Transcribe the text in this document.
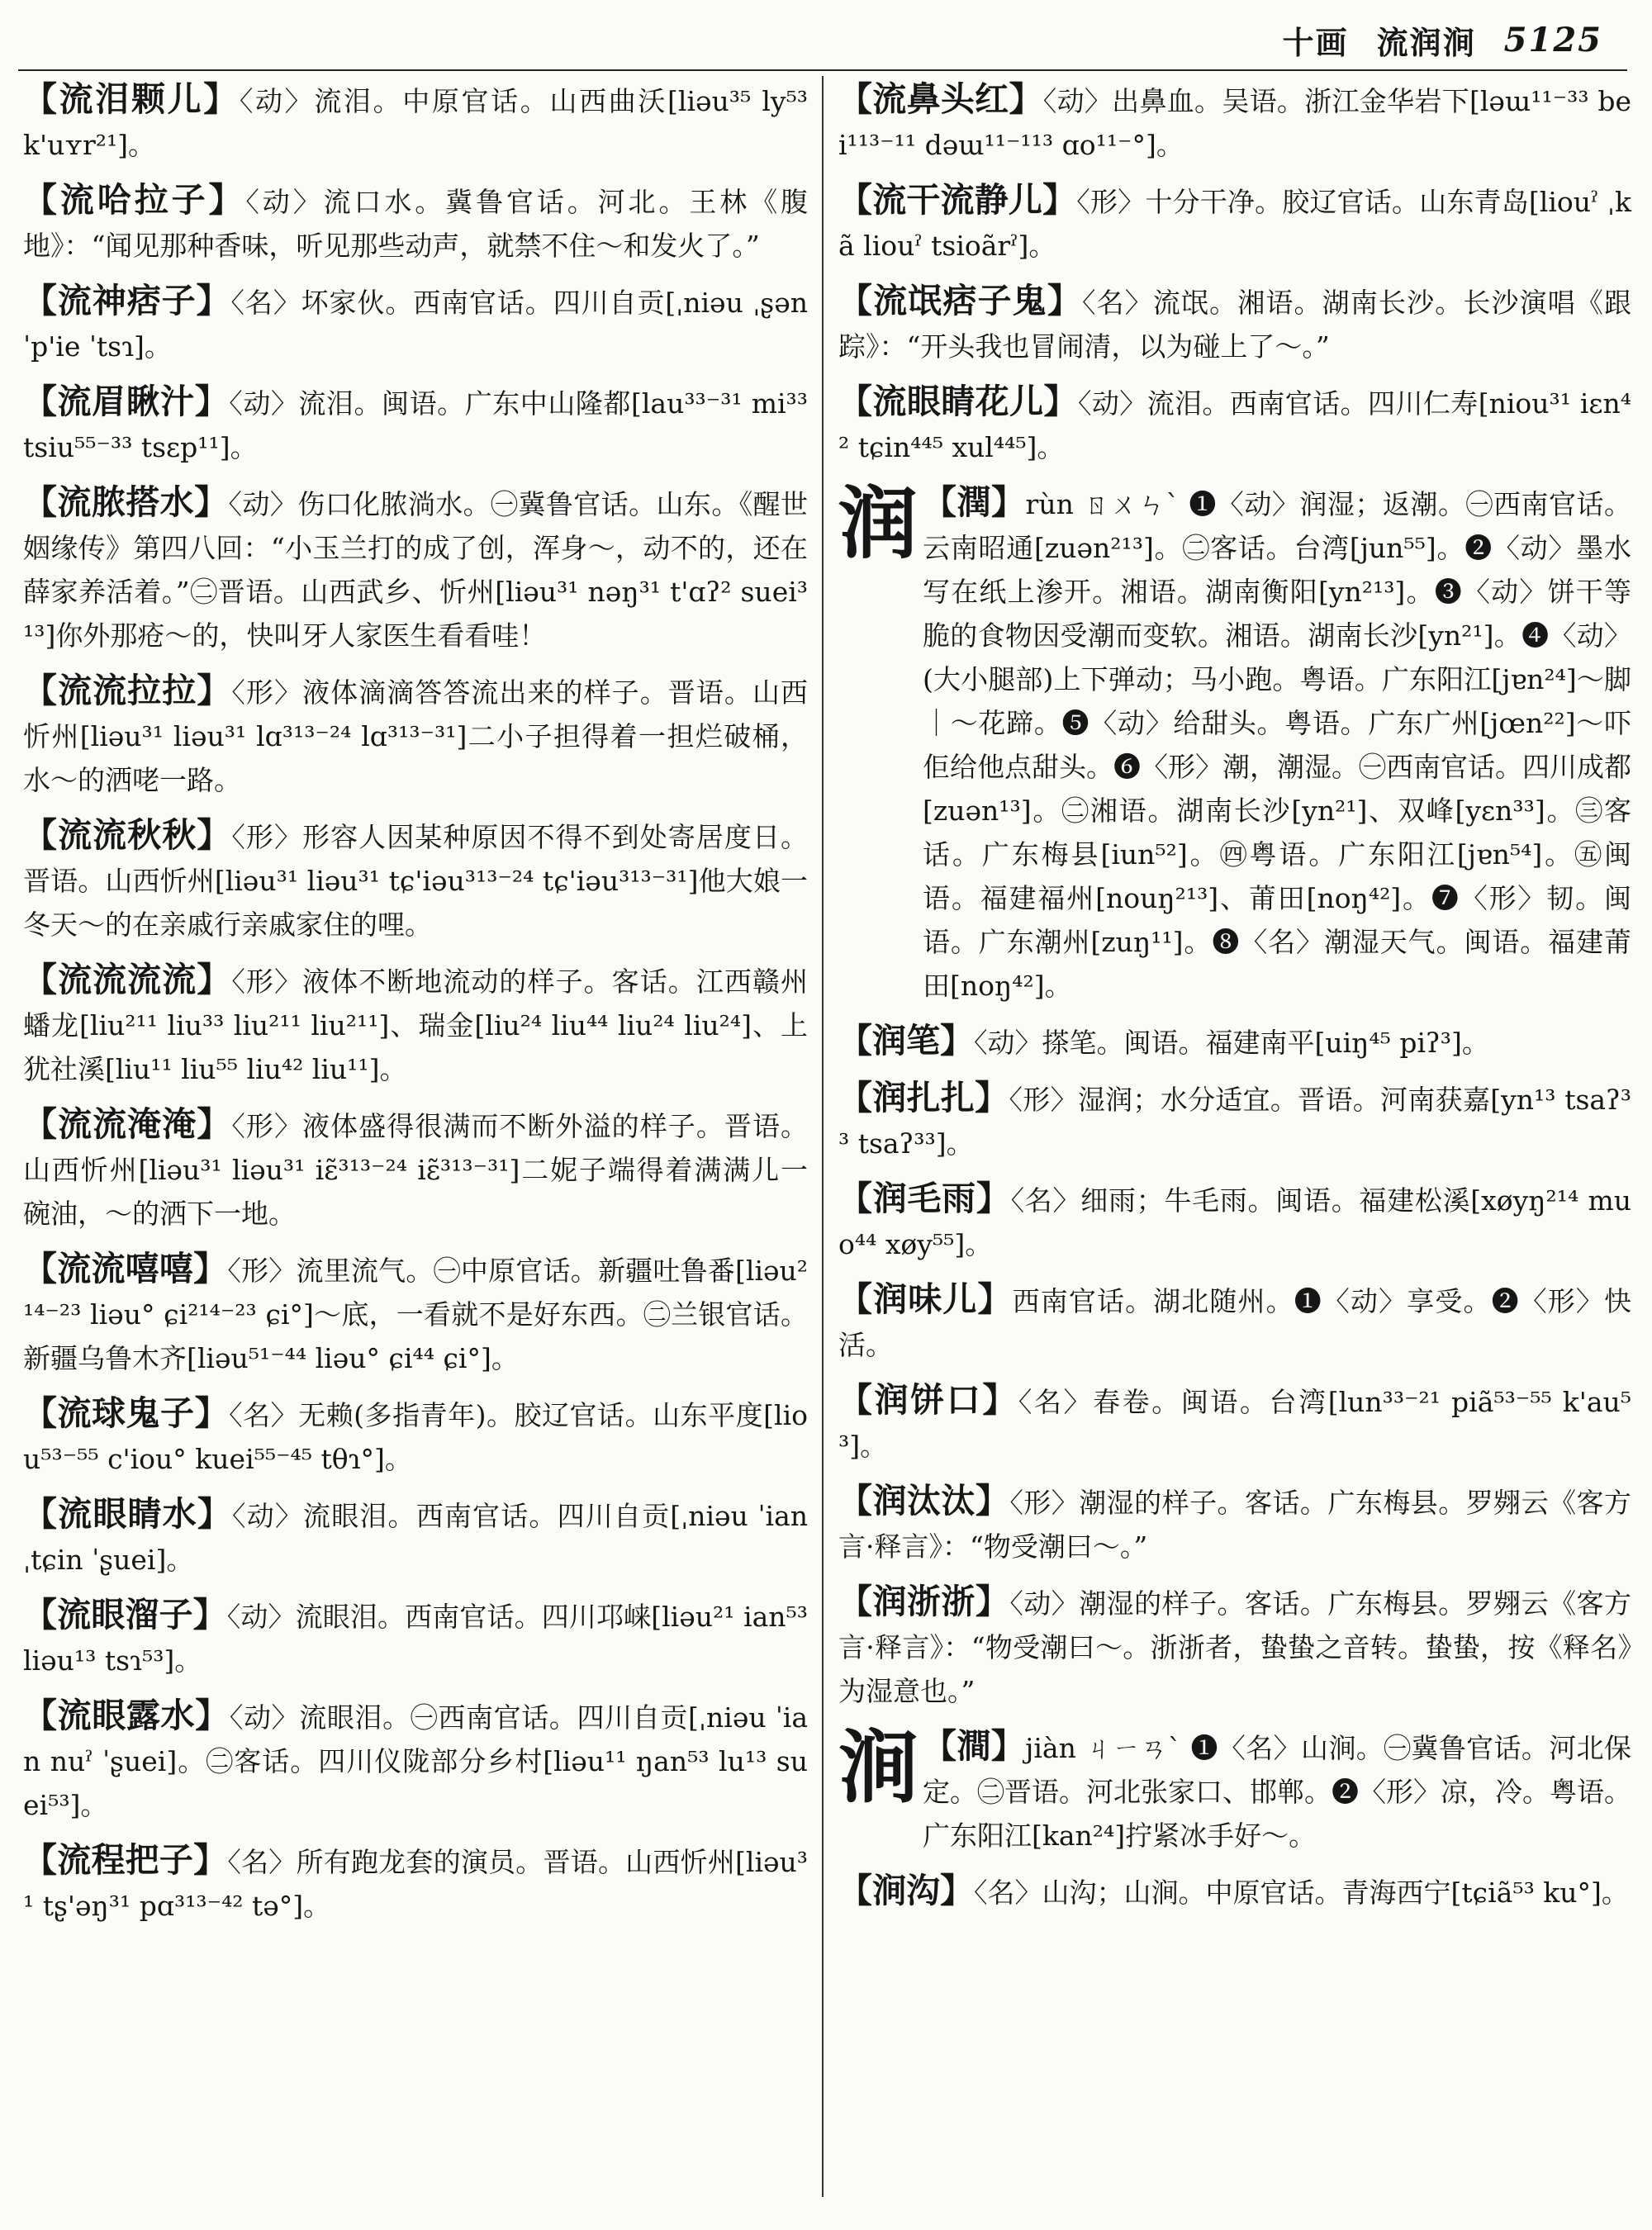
十画 流润涧 5125
【流泪颗儿】〈动〉流泪。中原官话。山西曲沃[liəu³⁵ ly⁵³ k'uʏr²¹]。
【流哈拉子】〈动〉流口水。冀鲁官话。河北。王林《腹地》：“闻见那种香味，听见那些动声，就禁不住～和发火了。”
【流神痞子】〈名〉坏家伙。西南官话。四川自贡[ˌniəu ˌʂən ˈp'ie ˈtsɿ]。
【流眉瞅汁】〈动〉流泪。闽语。广东中山隆都[lau³³⁻³¹ mi³³ tsiu⁵⁵⁻³³ tsɛp¹¹]。
【流脓搭水】〈动〉伤口化脓淌水。㊀冀鲁官话。山东。《醒世姻缘传》第四八回：“小玉兰打的成了创，浑身～，动不的，还在薛家养活着。”㊁晋语。山西武乡、忻州[liəu³¹ nəŋ³¹ t'ɑʔ² suei³¹³]你外那疮～的，快叫牙人家医生看看哇！
【流流拉拉】〈形〉液体滴滴答答流出来的样子。晋语。山西忻州[liəu³¹ liəu³¹ lɑ³¹³⁻²⁴ lɑ³¹³⁻³¹]二小子担得着一担烂破桶，水～的洒咾一路。
【流流秋秋】〈形〉形容人因某种原因不得不到处寄居度日。晋语。山西忻州[liəu³¹ liəu³¹ tɕ'iəu³¹³⁻²⁴ tɕ'iəu³¹³⁻³¹]他大娘一冬天～的在亲戚行亲戚家住的哩。
【流流流流】〈形〉液体不断地流动的样子。客话。江西赣州蟠龙[liu²¹¹ liu³³ liu²¹¹ liu²¹¹]、瑞金[liu²⁴ liu⁴⁴ liu²⁴ liu²⁴]、上犹社溪[liu¹¹ liu⁵⁵ liu⁴² liu¹¹]。
【流流淹淹】〈形〉液体盛得很满而不断外溢的样子。晋语。山西忻州[liəu³¹ liəu³¹ iɛ̃³¹³⁻²⁴ iɛ̃³¹³⁻³¹]二妮子端得着满满儿一碗油，～的洒下一地。
【流流嘻嘻】〈形〉流里流气。㊀中原官话。新疆吐鲁番[liəu²¹⁴⁻²³ liəu° ɕi²¹⁴⁻²³ ɕi°]～底，一看就不是好东西。㊁兰银官话。新疆乌鲁木齐[liəu⁵¹⁻⁴⁴ liəu° ɕi⁴⁴ ɕi°]。
【流球鬼子】〈名〉无赖(多指青年)。胶辽官话。山东平度[liou⁵³⁻⁵⁵ c'iou° kuei⁵⁵⁻⁴⁵ tθɿ°]。
【流眼睛水】〈动〉流眼泪。西南官话。四川自贡[ˌniəu ˈian ˌtɕin ˈʂuei]。
【流眼溜子】〈动〉流眼泪。西南官话。四川邛崃[liəu²¹ ian⁵³ liəu¹³ tsɿ⁵³]。
【流眼露水】〈动〉流眼泪。㊀西南官话。四川自贡[ˌniəu ˈian nuˀ ˈʂuei]。㊁客话。四川仪陇部分乡村[liəu¹¹ ŋan⁵³ lu¹³ suei⁵³]。
【流程把子】〈名〉所有跑龙套的演员。晋语。山西忻州[liəu³¹ tʂ'əŋ³¹ pɑ³¹³⁻⁴² tə°]。
【流鼻头红】〈动〉出鼻血。吴语。浙江金华岩下[ləɯ¹¹⁻³³ bei¹¹³⁻¹¹ dəɯ¹¹⁻¹¹³ ɑo¹¹⁻°]。
【流干流静儿】〈形〉十分干净。胶辽官话。山东青岛[liouˀ ˌkã liouˀ tsioãrˀ]。
【流氓痞子鬼】〈名〉流氓。湘语。湖南长沙。长沙演唱《跟踪》：“开头我也冒闹清，以为碰上了～。”
【流眼睛花儿】〈动〉流泪。西南官话。四川仁寿[niou³¹ iɛn⁴² tɕin⁴⁴⁵ xul⁴⁴⁵]。
润 【潤】rùn ㄖㄨㄣˋ ❶〈动〉润湿；返潮。㊀西南官话。云南昭通[zuən²¹³]。㊁客话。台湾[jun⁵⁵]。❷〈动〉墨水写在纸上渗开。湘语。湖南衡阳[yn²¹³]。❸〈动〉饼干等脆的食物因受潮而变软。湘语。湖南长沙[yn²¹]。❹〈动〉(大小腿部)上下弹动；马小跑。粤语。广东阳江[jɐn²⁴]～脚｜～花蹄。❺〈动〉给甜头。粤语。广东广州[jœn²²]～吓佢给他点甜头。❻〈形〉潮，潮湿。㊀西南官话。四川成都[zuən¹³]。㊁湘语。湖南长沙[yn²¹]、双峰[yɛn³³]。㊂客话。广东梅县[iun⁵²]。㊃粤语。广东阳江[jɐn⁵⁴]。㊄闽语。福建福州[nouŋ²¹³]、莆田[noŋ⁴²]。❼〈形〉韧。闽语。广东潮州[zuŋ¹¹]。❽〈名〉潮湿天气。闽语。福建莆田[noŋ⁴²]。
【润笔】〈动〉搽笔。闽语。福建南平[uiŋ⁴⁵ piʔ³]。
【润扎扎】〈形〉湿润；水分适宜。晋语。河南获嘉[yn¹³ tsaʔ³³ tsaʔ³³]。
【润毛雨】〈名〉细雨；牛毛雨。闽语。福建松溪[xøyŋ²¹⁴ muo⁴⁴ xøy⁵⁵]。
【润味儿】西南官话。湖北随州。❶〈动〉享受。❷〈形〉快活。
【润饼口】〈名〉春卷。闽语。台湾[lun³³⁻²¹ piã⁵³⁻⁵⁵ k'au⁵³]。
【润汰汰】〈形〉潮湿的样子。客话。广东梅县。罗翙云《客方言·释言》：“物受潮曰～。”
【润浙浙】〈动〉潮湿的样子。客话。广东梅县。罗翙云《客方言·释言》：“物受潮曰～。浙浙者，蛰蛰之音转。蛰蛰，按《释名》为湿意也。”
涧 【澗】jiàn ㄐㄧㄢˋ ❶〈名〉山涧。㊀冀鲁官话。河北保定。㊁晋语。河北张家口、邯郸。❷〈形〉凉，冷。粤语。广东阳江[kan²⁴]拧紧冰手好～。
【涧沟】〈名〉山沟；山涧。中原官话。青海西宁[tɕiã⁵³ ku°]。
